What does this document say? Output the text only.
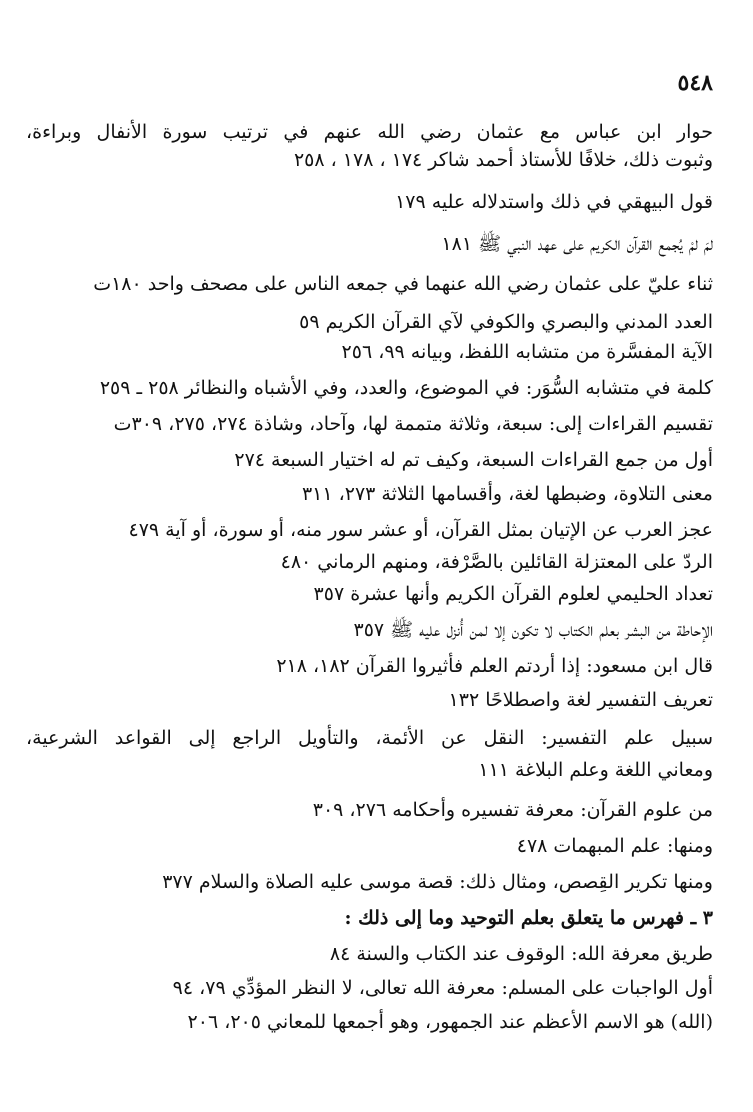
٥٤٨
حوار ابن عباس مع عثمان رضي الله عنهم في ترتيب سورة الأنفال وبراءة،
وثبوت ذلك، خلافًا للأستاذ أحمد شاكر ١٧٤ ، ١٧٨ ، ٢٥٨
قول البيهقي في ذلك واستدلاله عليه ١٧٩
لمَ لمْ يُجمع القرآن الكريم على عهد النبي ﷺ ١٨١
ثناء عليّ على عثمان رضي الله عنهما في جمعه الناس على مصحف واحد ١٨٠ت
العدد المدني والبصري والكوفي لآي القرآن الكريم ٥٩
الآية المفسَّرة من متشابه اللفظ، وبيانه ٩٩، ٢٥٦
كلمة في متشابه السُّوَر: في الموضوع، والعدد، وفي الأشباه والنظائر ٢٥٨ ـ ٢٥٩
تقسيم القراءات إلى: سبعة، وثلاثة متممة لها، وآحاد، وشاذة ٢٧٤، ٢٧٥، ٣٠٩ت
أول من جمع القراءات السبعة، وكيف تم له اختيار السبعة ٢٧٤
معنى التلاوة، وضبطها لغة، وأقسامها الثلاثة ٢٧٣، ٣١١
عجز العرب عن الإتيان بمثل القرآن، أو عشر سور منه، أو سورة، أو آية ٤٧٩
الردّ على المعتزلة القائلين بالصَّرْفة، ومنهم الرماني ٤٨٠
تعداد الحليمي لعلوم القرآن الكريم وأنها عشرة ٣٥٧
الإحاطة من البشر بعلم الكتاب لا تكون إلا لمن أُنزل عليه ﷺ ٣٥٧
قال ابن مسعود: إذا أردتم العلم فأثيروا القرآن ١٨٢، ٢١٨
تعريف التفسير لغة واصطلاحًا ١٣٢
سبيل علم التفسير: النقل عن الأئمة، والتأويل الراجع إلى القواعد الشرعية،
ومعاني اللغة وعلم البلاغة ١١١
من علوم القرآن: معرفة تفسيره وأحكامه ٢٧٦، ٣٠٩
ومنها: علم المبهمات ٤٧٨
ومنها تكرير القِصص، ومثال ذلك: قصة موسى عليه الصلاة والسلام ٣٧٧
٣ ـ فهرس ما يتعلق بعلم التوحيد وما إلى ذلك :
طريق معرفة الله: الوقوف عند الكتاب والسنة ٨٤
أول الواجبات على المسلم: معرفة الله تعالى، لا النظر المؤدِّي ٧٩، ٩٤
(الله) هو الاسم الأعظم عند الجمهور، وهو أجمعها للمعاني ٢٠٥، ٢٠٦
